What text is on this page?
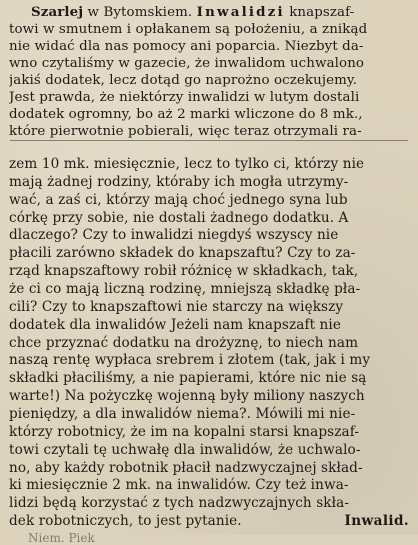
Szarlej w Bytomskiem. Inwalidzi knapszaf-
towi w smutnem i opłakanem są położeniu, a znikąd
nie widać dla nas pomocy ani poparcia. Niezbyt da-
wno czytaliśmy w gazecie, że inwalidom uchwalono
jakiś dodatek, lecz dotąd go naprożno oczekujemy.
Jest prawda, że niektórzy inwalidzi w lutym dostali
dodatek ogromny, bo aż 2 marki wliczone do 8 mk.,
które pierwotnie pobierali, więc teraz otrzymali ra-
zem 10 mk. miesięcznie, lecz to tylko ci, którzy nie
mają żadnej rodziny, któraby ich mogła utrzymy-
wać, a zaś ci, którzy mają choć jednego syna lub
córkę przy sobie, nie dostali żadnego dodatku. A
dlaczego? Czy to inwalidzi niegdyś wszyscy nie
płacili zarówno składek do knapszaftu? Czy to za-
rząd knapszaftowy robił różnicę w składkach, tak,
że ci co mają liczną rodzinę, mniejszą składkę pła-
cili? Czy to knapszaftowi nie starczy na większy
dodatek dla inwalidów Jeżeli nam knapszaft nie
chce przyznać dodatku na drożyznę, to niech nam
naszą rentę wypłaca srebrem i złotem (tak, jak i my
składki płaciliśmy, a nie papierami, które nic nie są
warte!) Na pożyczkę wojenną były miliony naszych
pieniędzy, a dla inwalidów niema?. Mówili mi nie-
którzy robotnicy, że im na kopalni starsi knapszaf-
towi czytali tę uchwałę dla inwalidów, że uchwalo-
no, aby każdy robotnik płacił nadzwyczajnej skład-
ki miesięcznie 2 mk. na inwalidów. Czy też inwa-
lidzi będą korzystać z tych nadzwyczajnych skła-
dek robotniczych, to jest pytanie.	Inwalid.
Niem. Piek
